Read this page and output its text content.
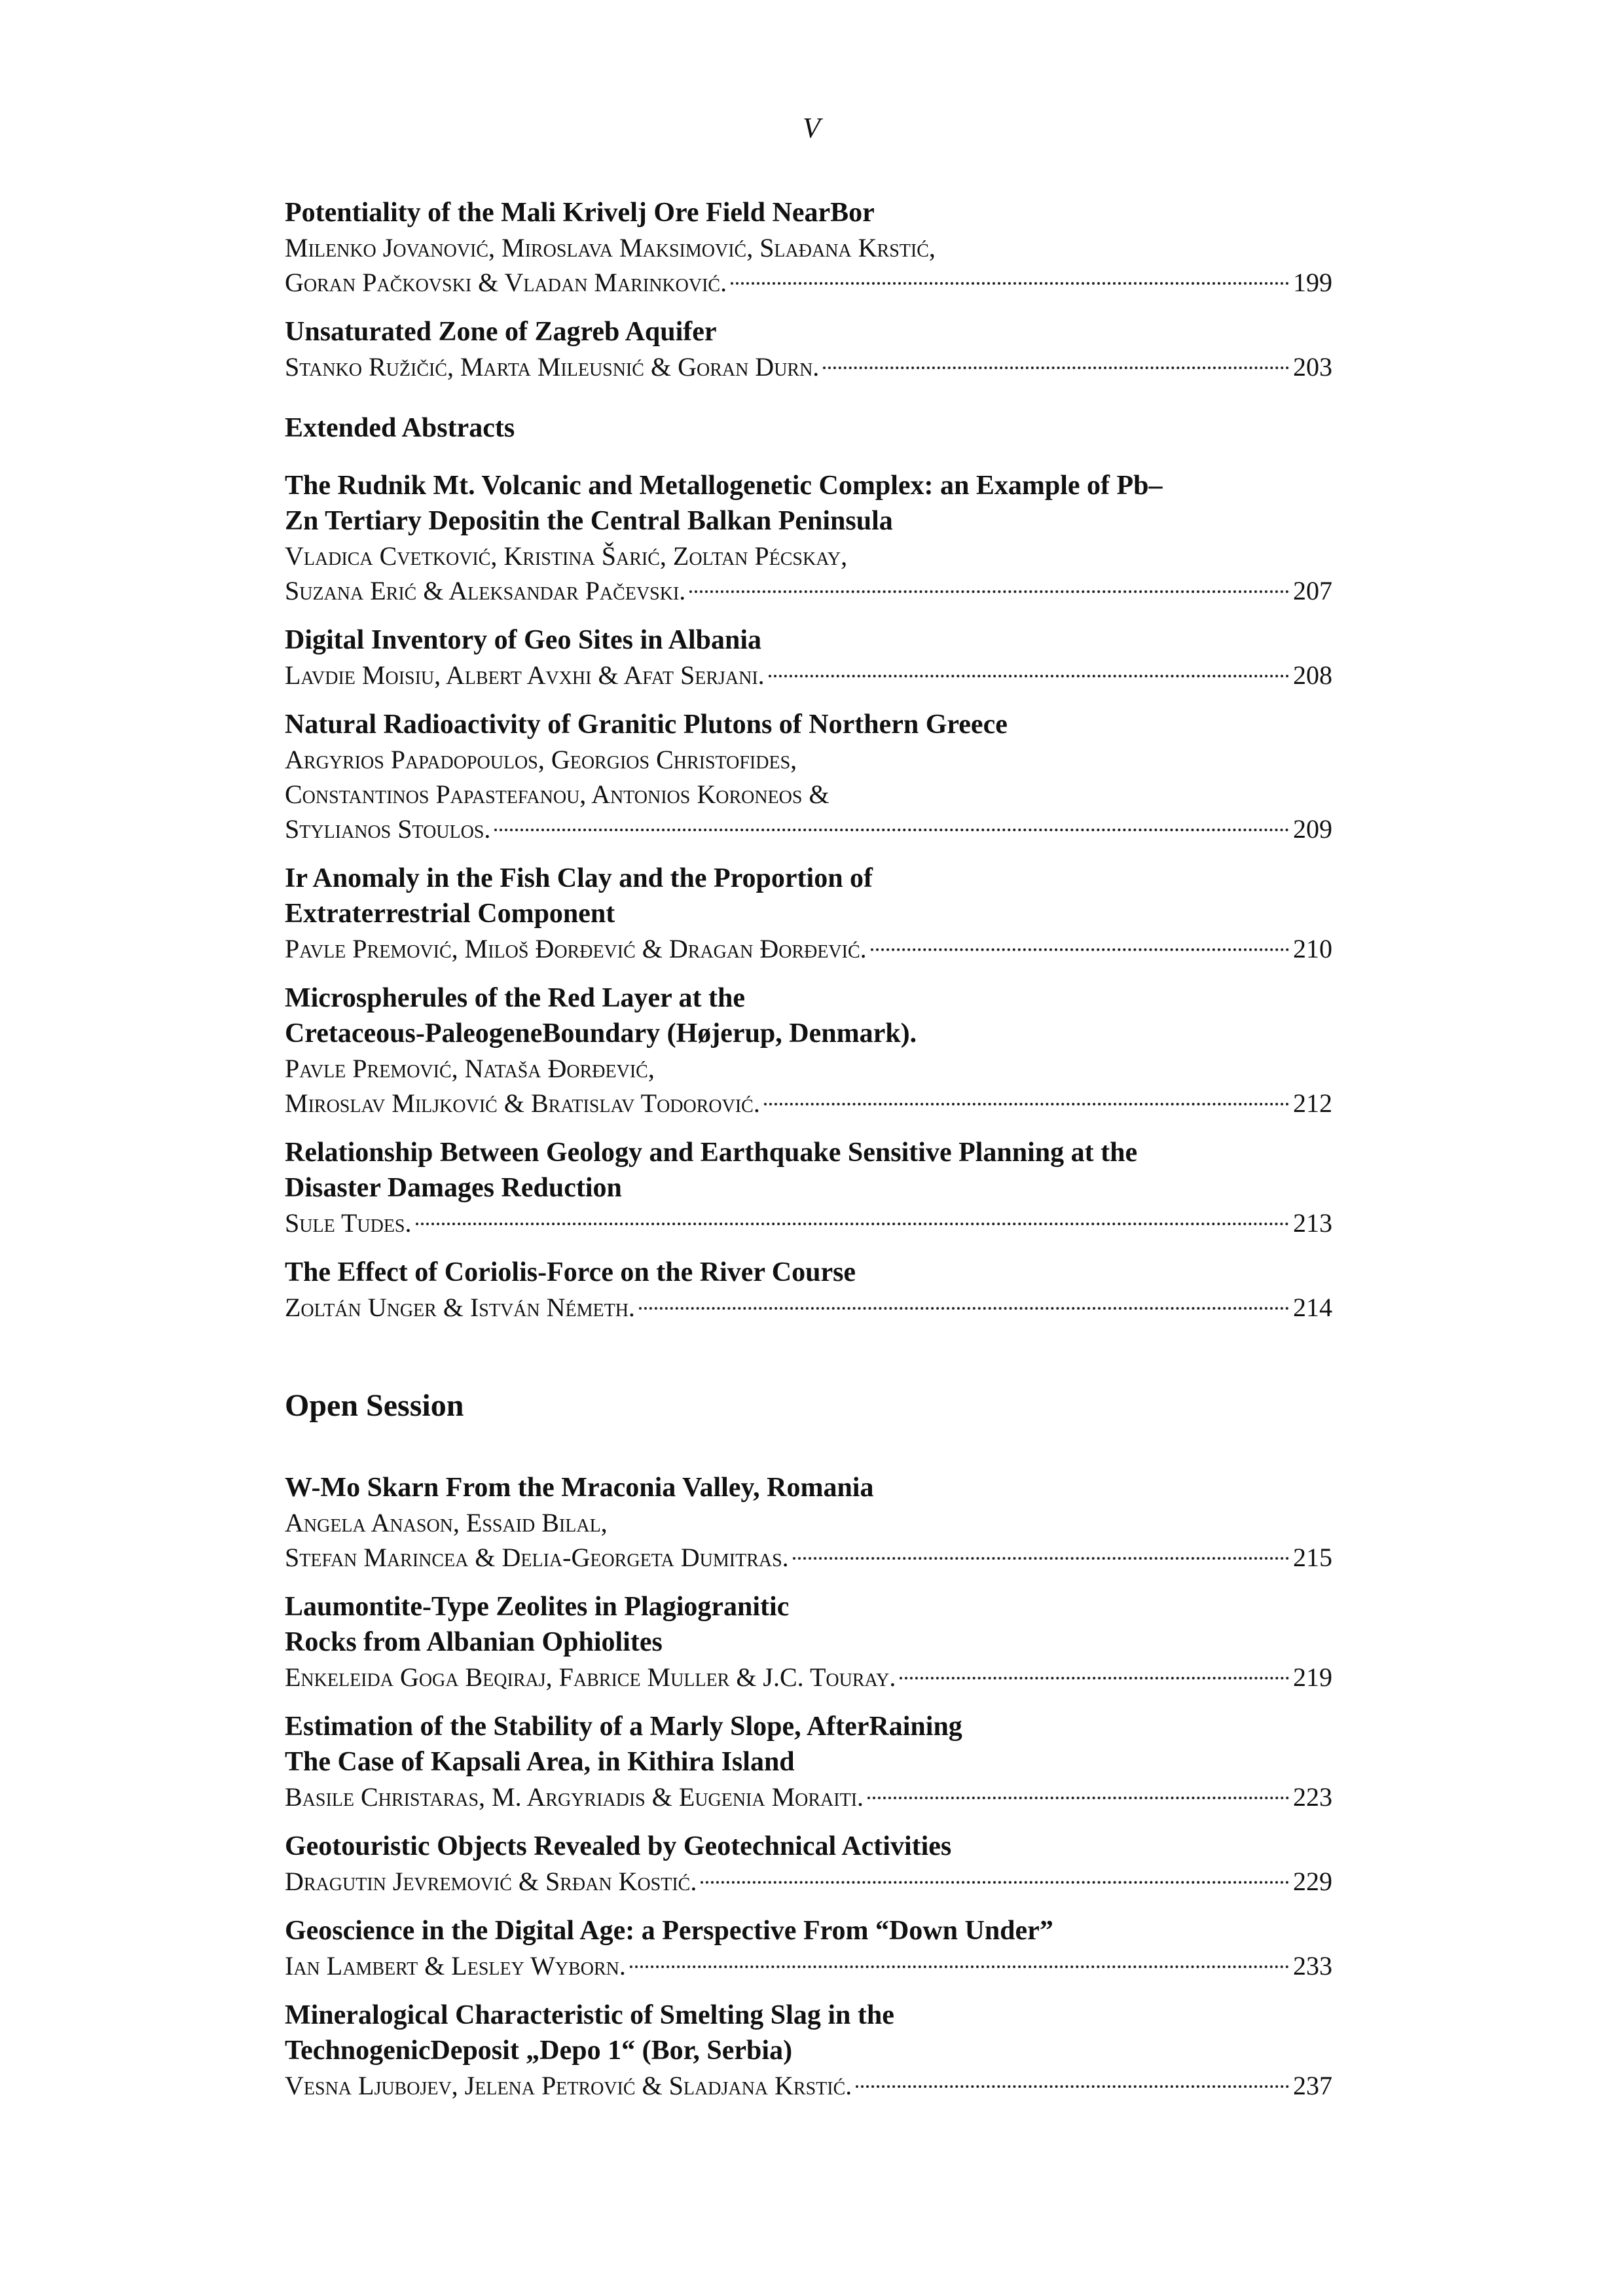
V
Potentiality of the Mali Krivelj Ore Field NearBor
Milenko Jovanović, Miroslava Maksimović, Slađana Krstić,
Goran Pačkovski & Vladan Marinković.	199
Unsaturated Zone of Zagreb Aquifer
Stanko Ružičić, Marta Mileusnić & Goran Durn.	203
Extended Abstracts
The Rudnik Mt. Volcanic and Metallogenetic Complex: an Example of Pb–
Zn Tertiary Depositin the Central Balkan Peninsula
Vladica Cvetković, Kristina Šarić, Zoltan Pécskay,
Suzana Erić & Aleksandar Pačevski.	207
Digital Inventory of Geo Sites in Albania
Lavdie Moisiu, Albert Avxhi & Afat Serjani.	208
Natural Radioactivity of Granitic Plutons of Northern Greece
Argyrios Papadopoulos, Georgios Christofides,
Constantinos Papastefanou, Antonios Koroneos &
Stylianos Stoulos.	209
Ir Anomaly in the Fish Clay and the Proportion of
Extraterrestrial Component
Pavle Premović, Miloš Đorđević & Dragan Đorđević.	210
Microspherules of the Red Layer at the
Cretaceous-PaleogeneBoundary (Højerup, Denmark).
Pavle Premović, Nataša Đorđević,
Miroslav Miljković & Bratislav Todorović.	212
Relationship Between Geology and Earthquake Sensitive Planning at the
Disaster Damages Reduction
Sule Tudes.	213
The Effect of Coriolis-Force on the River Course
Zoltán Unger & István Németh.	214
Open Session
W-Mo Skarn From the Mraconia Valley, Romania
Angela Anason, Essaid Bilal,
Stefan Marincea & Delia-Georgeta Dumitras.	215
Laumontite-Type Zeolites in Plagiogranitic
Rocks from Albanian Ophiolites
Enkeleida Goga Beqiraj, Fabrice Muller & J.C. Touray.	219
Estimation of the Stability of a Marly Slope, AfterRaining
The Case of Kapsali Area, in Kithira Island
Basile Christaras, M. Argyriadis & Eugenia Moraiti.	223
Geotouristic Objects Revealed by Geotechnical Activities
Dragutin Jevremović & Srđan Kostić.	229
Geoscience in the Digital Age: a Perspective From “Down Under”
Ian Lambert & Lesley Wyborn.	233
Mineralogical Characteristic of Smelting Slag in the
TechnogenicDeposit „Depo 1“ (Bor, Serbia)
Vesna Ljubojev, Jelena Petrović & Sladjana Krstić.	237
